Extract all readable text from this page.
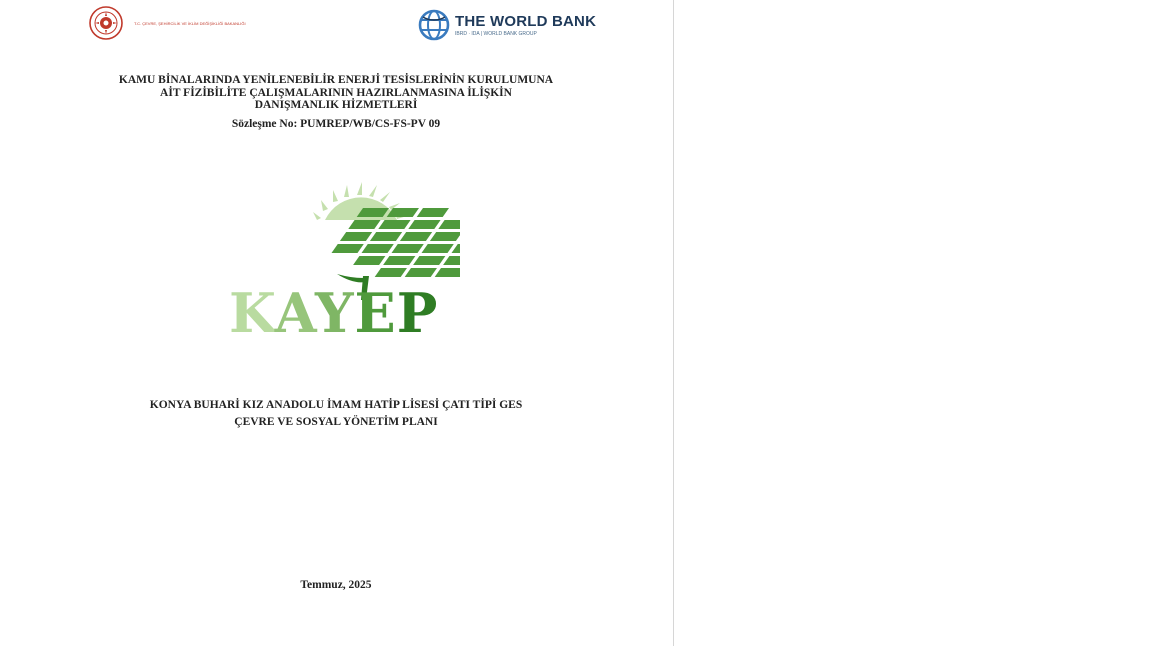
T.C. ÇEVRE, ŞEHİRCİLİK VE İKLİM DEĞİŞİKLİĞİ BAKANLIĞI	THE WORLD BANK
IBRD · IDA | WORLD BANK GROUP

KAMU BİNALARINDA YENİLENEBİLİR ENERJİ TESİSLERİNİN KURULUMUNA

AİT FİZİBİLİTE ÇALIŞMALARININ HAZIRLANMASINA İLİŞKİN

DANIŞMANLIK HİZMETLERİ

Sözleşme No: PUMREP/WB/CS-FS-PV 09
KAYEP
KONYA BUHARİ KIZ ANADOLU İMAM HATİP LİSESİ ÇATI TİPİ GES
ÇEVRE VE SOSYAL YÖNETİM PLANI
Temmuz, 2025
